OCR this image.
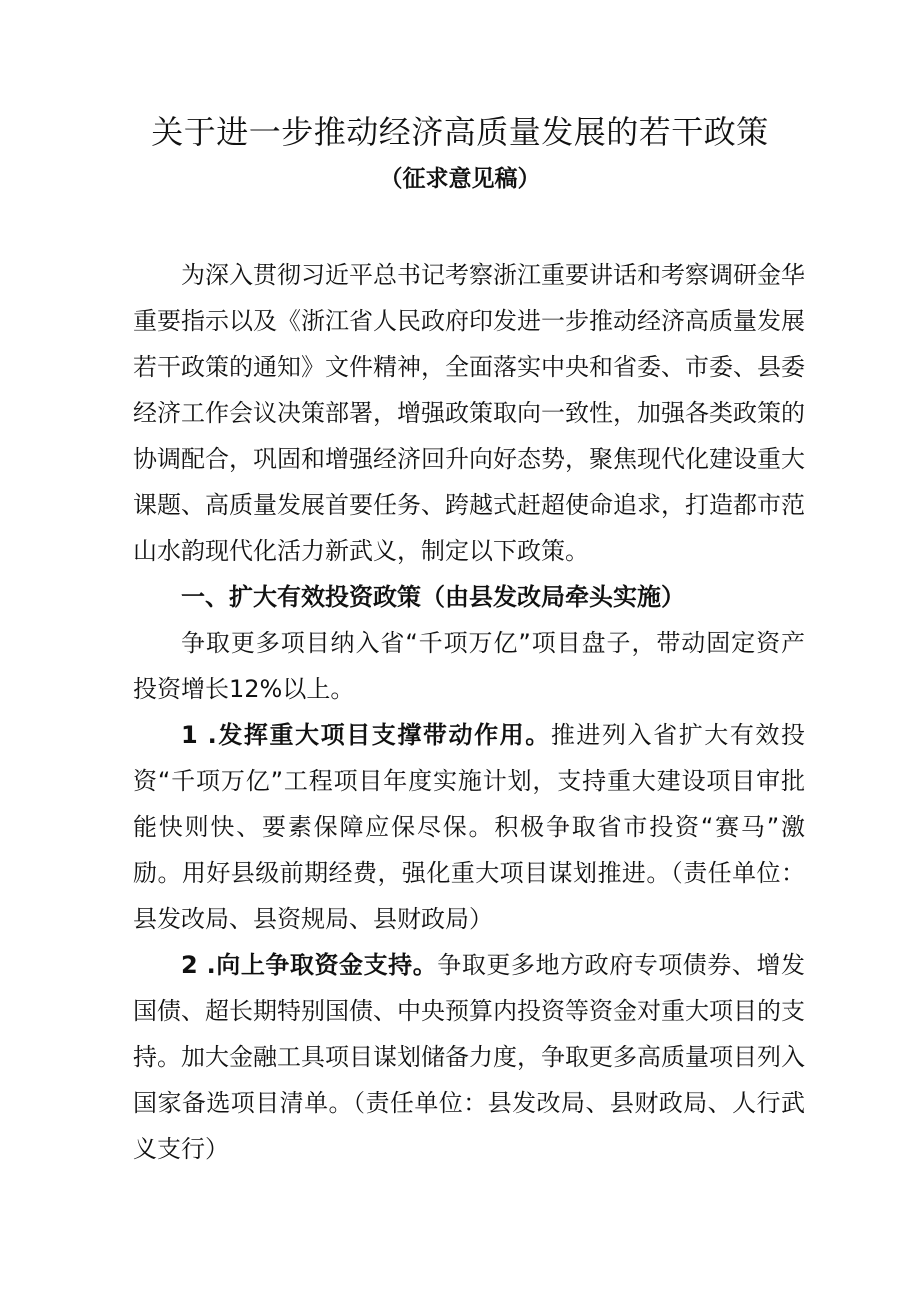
关于进一步推动经济高质量发展的若干政策
（征求意见稿）

为深入贯彻习近平总书记考察浙江重要讲话和考察调研金华重要指示以及《浙江省人民政府印发进一步推动经济高质量发展若干政策的通知》文件精神，全面落实中央和省委、市委、县委经济工作会议决策部署，增强政策取向一致性，加强各类政策的协调配合，巩固和增强经济回升向好态势，聚焦现代化建设重大课题、高质量发展首要任务、跨越式赶超使命追求，打造都市范山水韵现代化活力新武义，制定以下政策。

一、扩大有效投资政策（由县发改局牵头实施）

争取更多项目纳入省“千项万亿”项目盘子，带动固定资产投资增长12%以上。

1 .发挥重大项目支撑带动作用。推进列入省扩大有效投资“千项万亿”工程项目年度实施计划，支持重大建设项目审批能快则快、要素保障应保尽保。积极争取省市投资“赛马”激励。用好县级前期经费，强化重大项目谋划推进。（责任单位：县发改局、县资规局、县财政局）

2 .向上争取资金支持。争取更多地方政府专项债券、增发国债、超长期特别国债、中央预算内投资等资金对重大项目的支持。加大金融工具项目谋划储备力度，争取更多高质量项目列入国家备选项目清单。（责任单位：县发改局、县财政局、人行武义支行）
